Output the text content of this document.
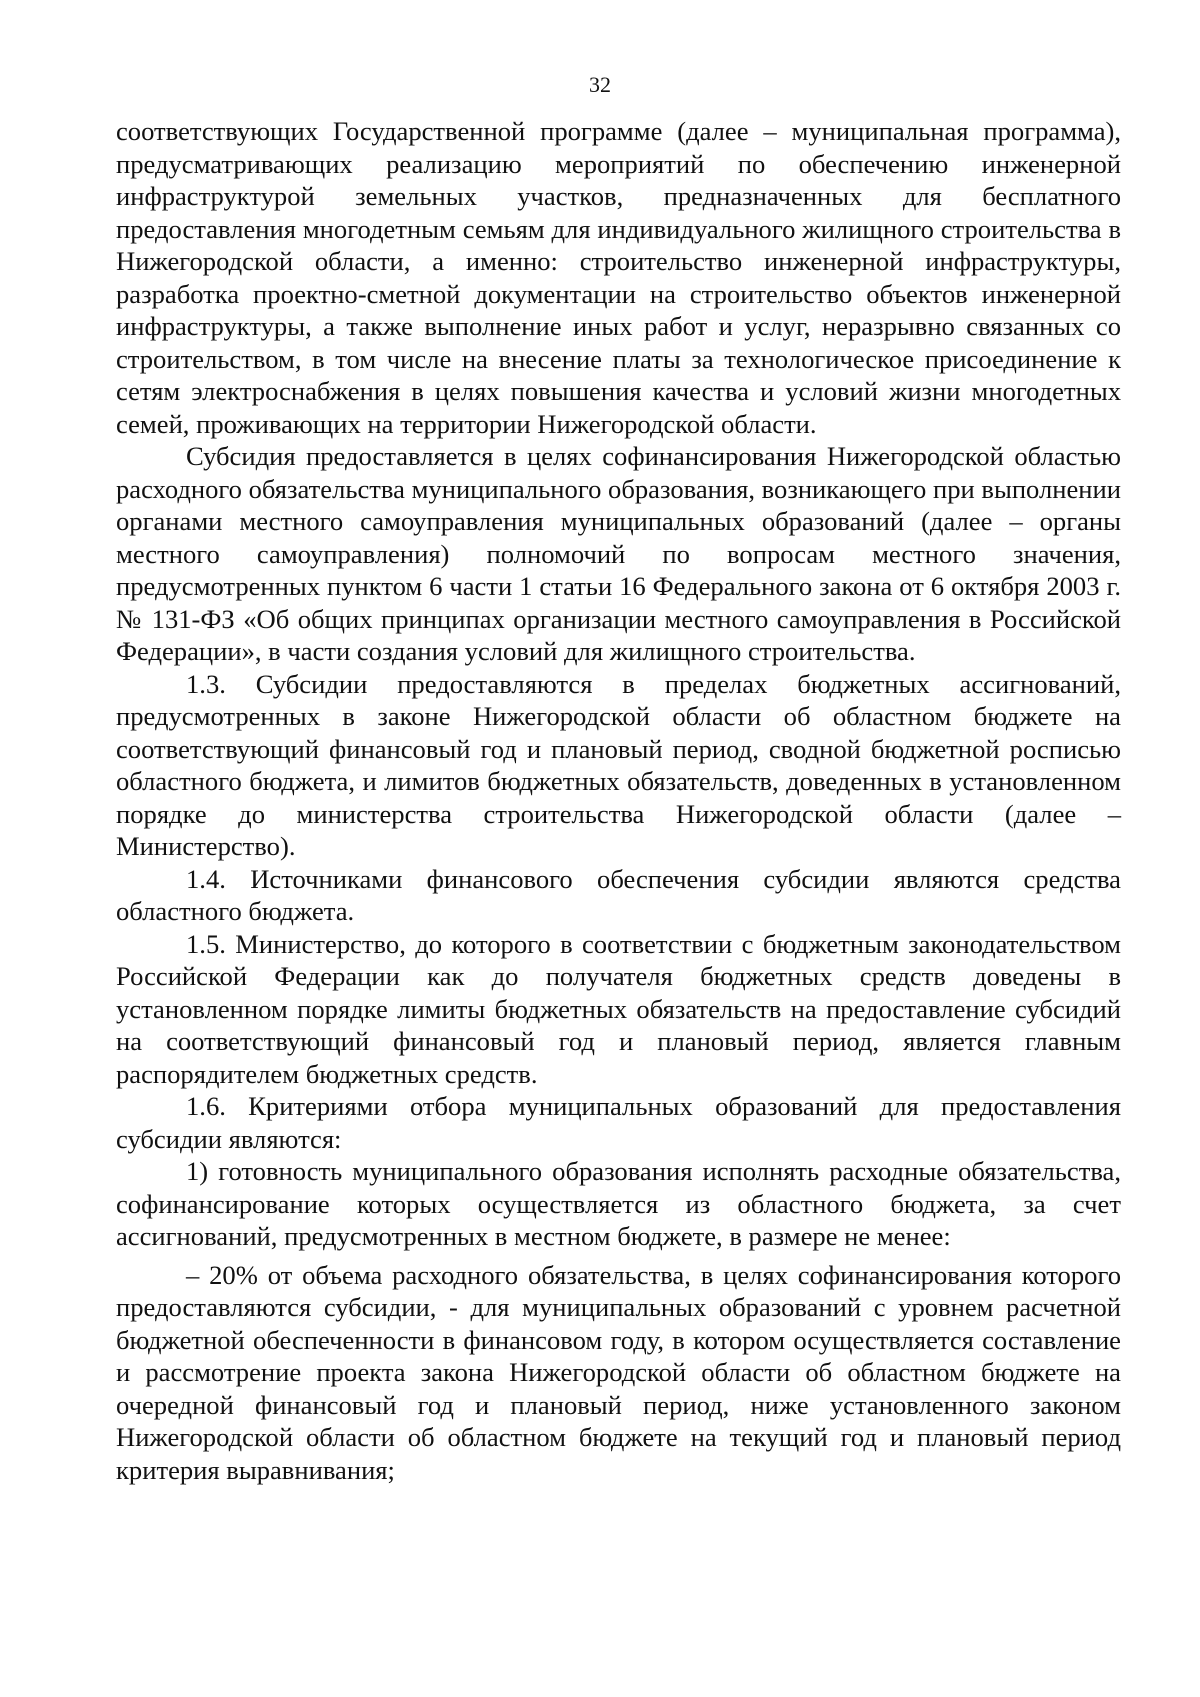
32

соответствующих Государственной программе (далее – муниципальная программа), предусматривающих реализацию мероприятий по обеспечению инженерной инфраструктурой земельных участков, предназначенных для бесплатного предоставления многодетным семьям для индивидуального жилищного строительства в Нижегородской области, а именно: строительство инженерной инфраструктуры, разработка проектно-сметной документации на строительство объектов инженерной инфраструктуры, а также выполнение иных работ и услуг, неразрывно связанных со строительством, в том числе на внесение платы за технологическое присоединение к сетям электроснабжения в целях повышения качества и условий жизни многодетных семей, проживающих на территории Нижегородской области.

Субсидия предоставляется в целях софинансирования Нижегородской областью расходного обязательства муниципального образования, возникающего при выполнении органами местного самоуправления муниципальных образований (далее – органы местного самоуправления) полномочий по вопросам местного значения, предусмотренных пунктом 6 части 1 статьи 16 Федерального закона от 6 октября 2003 г. № 131-ФЗ «Об общих принципах организации местного самоуправления в Российской Федерации», в части создания условий для жилищного строительства.

1.3. Субсидии предоставляются в пределах бюджетных ассигнований, предусмотренных в законе Нижегородской области об областном бюджете на соответствующий финансовый год и плановый период, сводной бюджетной росписью областного бюджета, и лимитов бюджетных обязательств, доведенных в установленном порядке до министерства строительства Нижегородской области (далее – Министерство).

1.4. Источниками финансового обеспечения субсидии являются средства областного бюджета.

1.5. Министерство, до которого в соответствии с бюджетным законодательством Российской Федерации как до получателя бюджетных средств доведены в установленном порядке лимиты бюджетных обязательств на предоставление субсидий на соответствующий финансовый год и плановый период, является главным распорядителем бюджетных средств.

1.6. Критериями отбора муниципальных образований для предоставления субсидии являются:

1) готовность муниципального образования исполнять расходные обязательства, софинансирование которых осуществляется из областного бюджета, за счет ассигнований, предусмотренных в местном бюджете, в размере не менее:

– 20% от объема расходного обязательства, в целях софинансирования которого предоставляются субсидии, - для муниципальных образований с уровнем расчетной бюджетной обеспеченности в финансовом году, в котором осуществляется составление и рассмотрение проекта закона Нижегородской области об областном бюджете на очередной финансовый год и плановый период, ниже установленного законом Нижегородской области об областном бюджете на текущий год и плановый период критерия выравнивания;
